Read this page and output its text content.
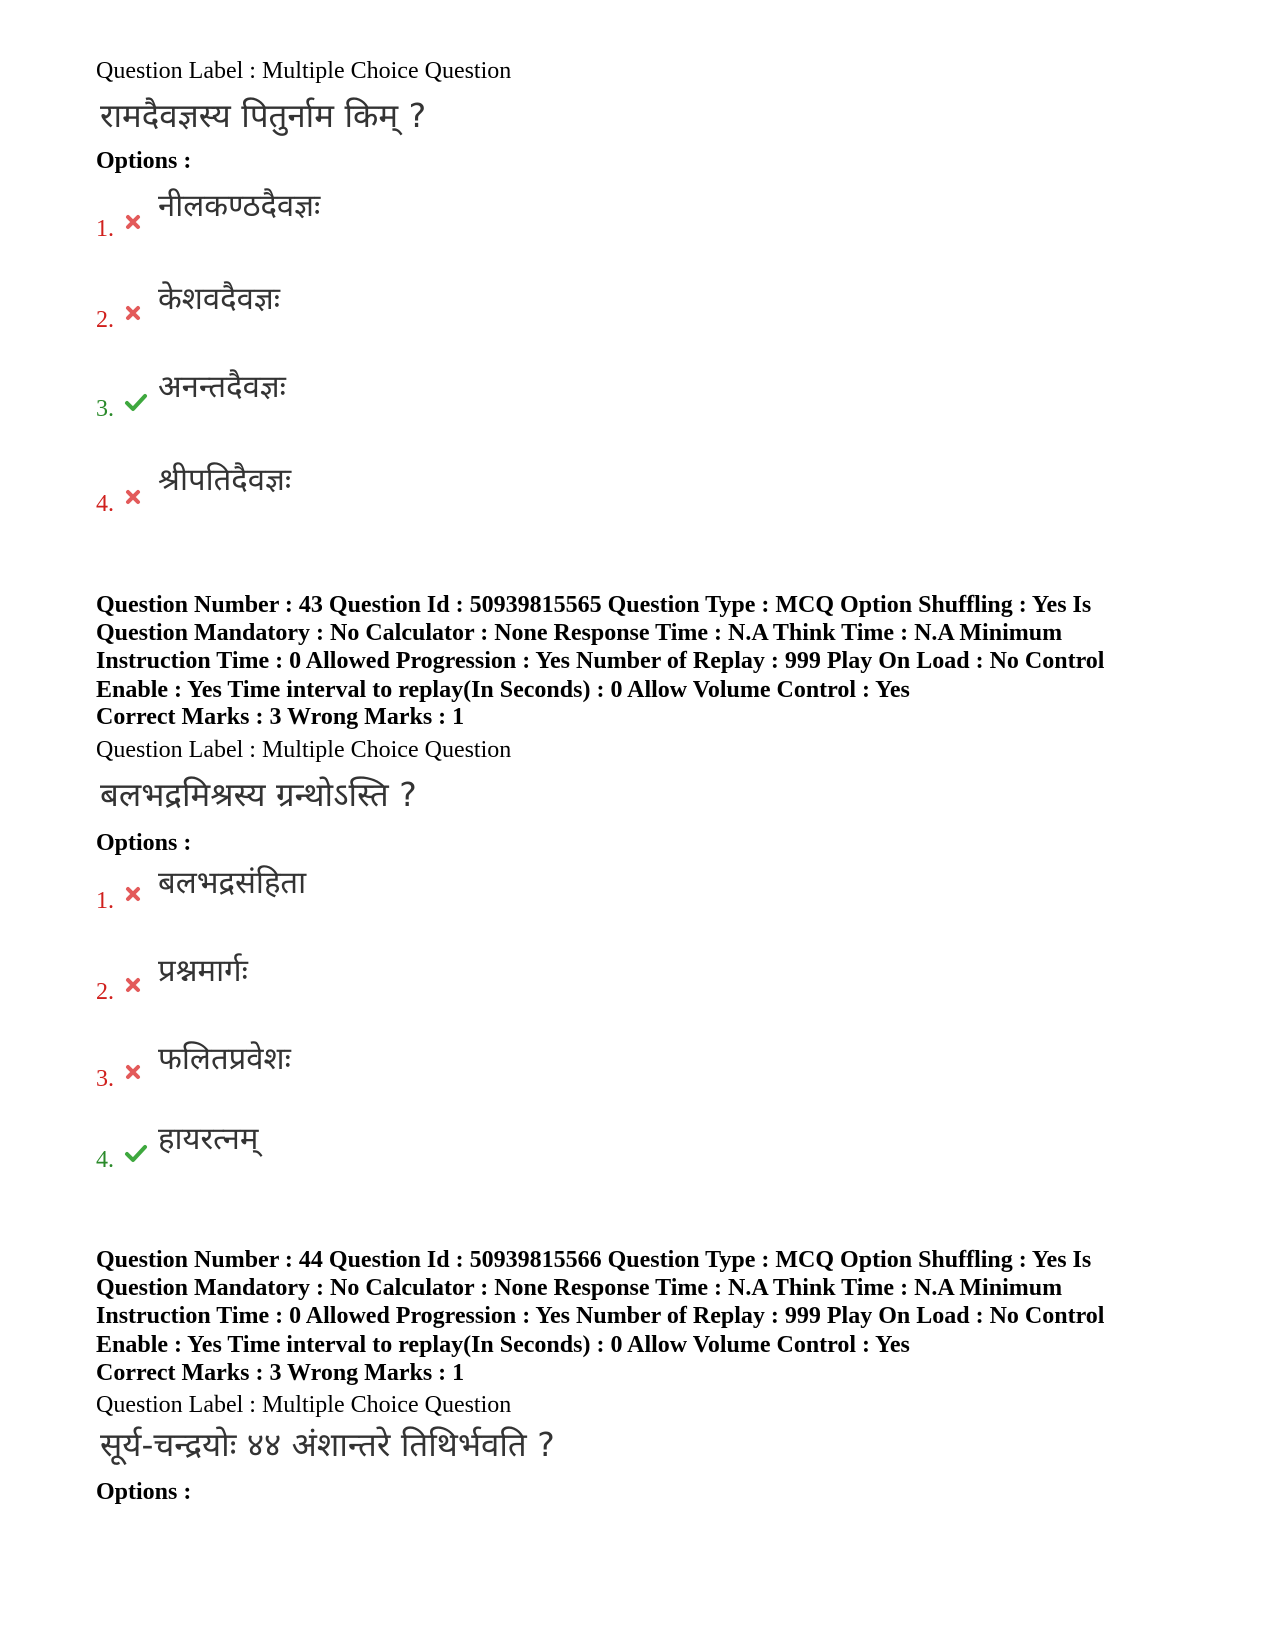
Question Label : Multiple Choice Question
रामदैवज्ञस्य पितुर्नाम किम् ?
Options :
1.
नीलकण्ठदैवज्ञः
2.
केशवदैवज्ञः
3.
अनन्तदैवज्ञः
4.
श्रीपतिदैवज्ञः
Question Number : 43 Question Id : 50939815565 Question Type : MCQ Option Shuffling : Yes Is
Question Mandatory : No Calculator : None Response Time : N.A Think Time : N.A Minimum
Instruction Time : 0 Allowed Progression : Yes Number of Replay : 999 Play On Load : No Control
Enable : Yes Time interval to replay(In Seconds) : 0 Allow Volume Control : Yes
Correct Marks : 3 Wrong Marks : 1
Question Label : Multiple Choice Question
बलभद्रमिश्रस्य ग्रन्थोऽस्ति ?
Options :
1. बलभद्रसंहिता
2.
प्रश्नमार्गः
3.
फलितप्रवेशः
4.
हायरत्नम्
Question Number : 44 Question Id : 50939815566 Question Type : MCQ Option Shuffling : Yes Is
Question Mandatory : No Calculator : None Response Time : N.A Think Time : N.A Minimum
Instruction Time : 0 Allowed Progression : Yes Number of Replay : 999 Play On Load : No Control
Enable : Yes Time interval to replay(In Seconds) : 0 Allow Volume Control : Yes
Correct Marks : 3 Wrong Marks : 1
Question Label : Multiple Choice Question
सूर्य-चन्द्रयोः ४४ अंशान्तरे तिथिर्भवति ?
Options :
